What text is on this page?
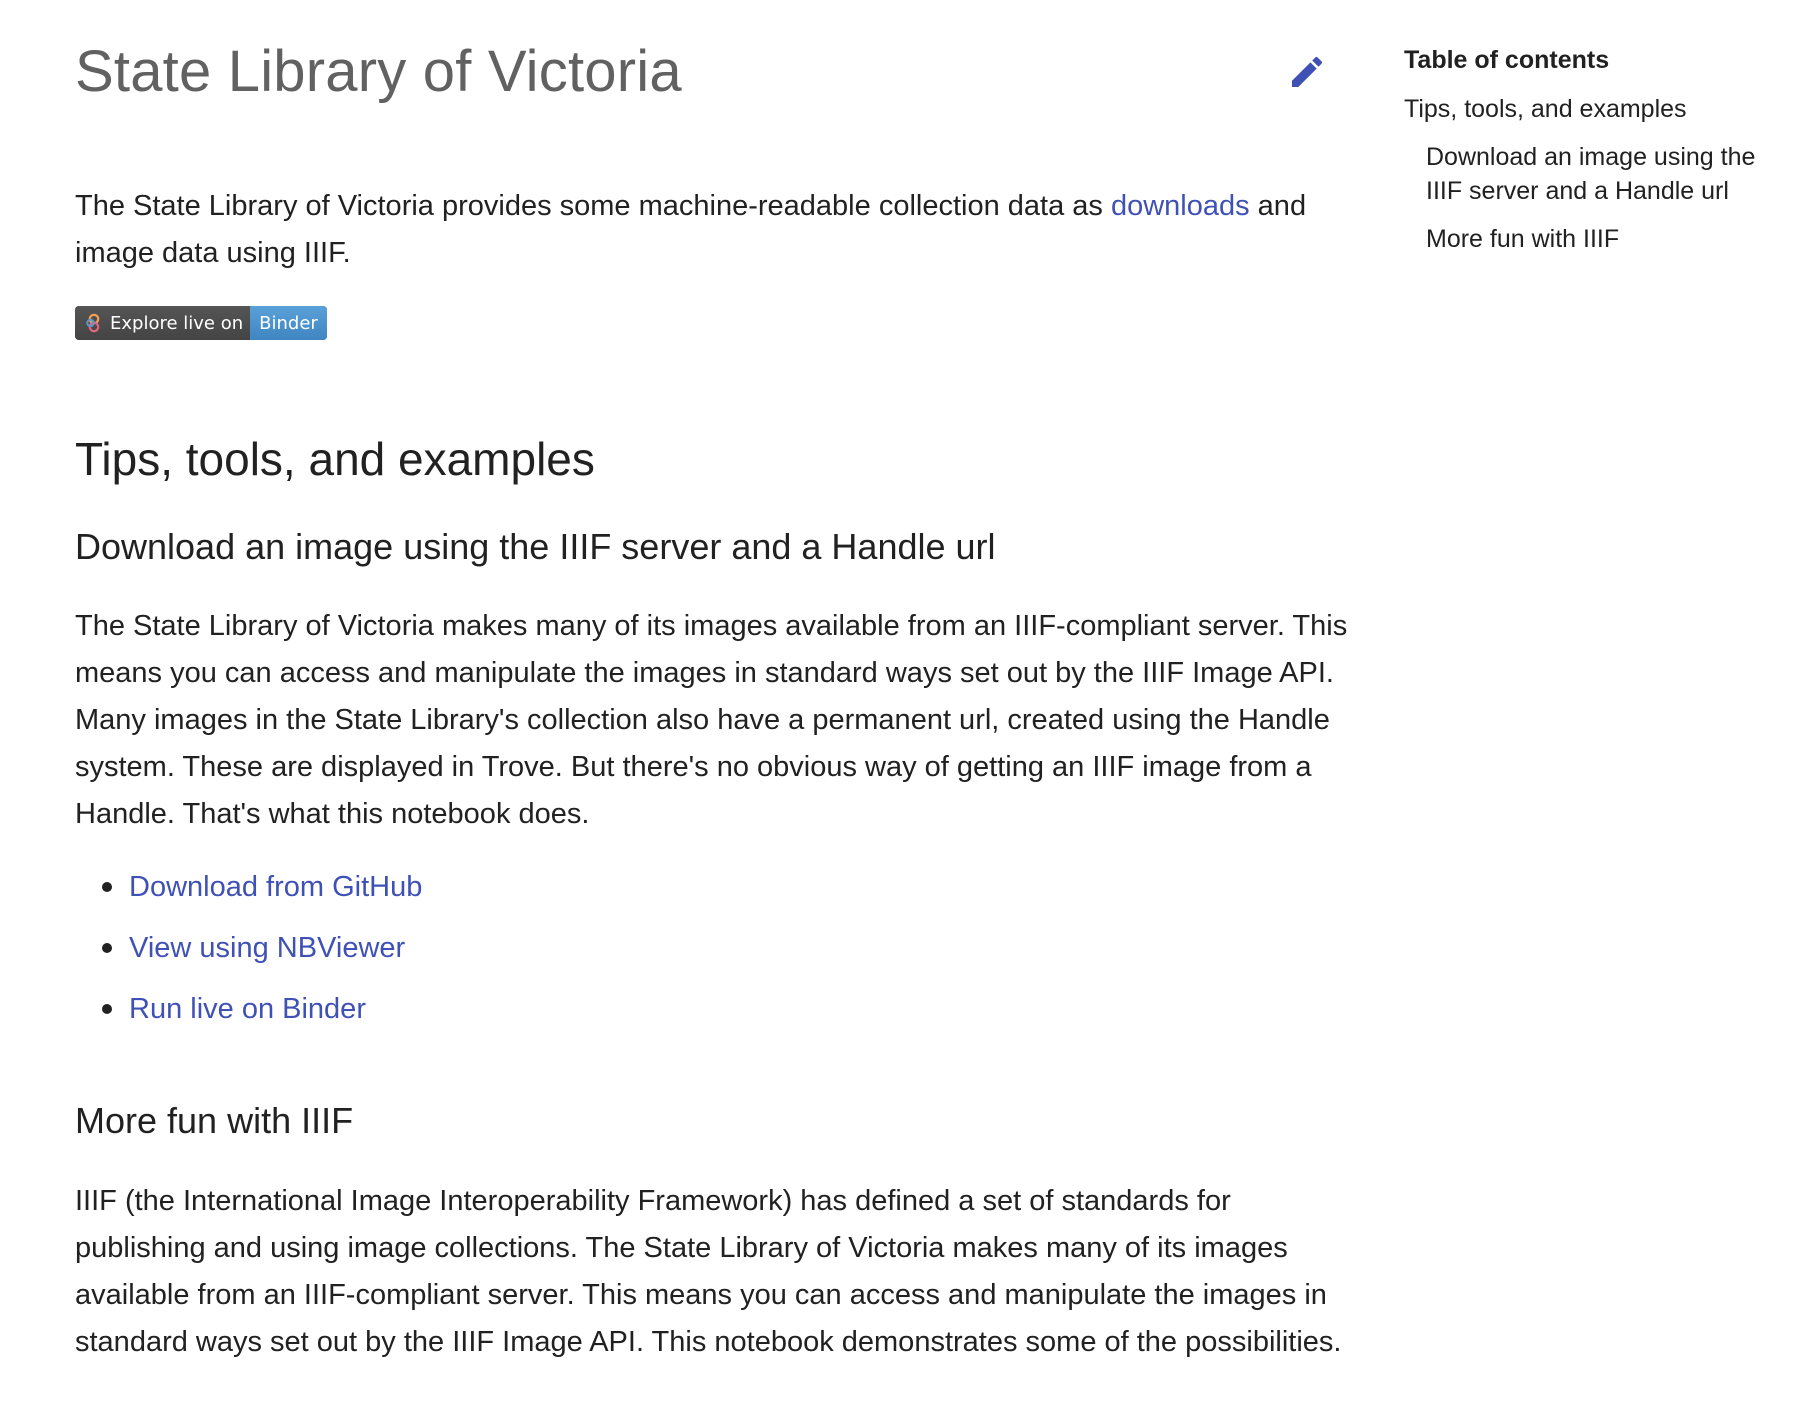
State Library of Victoria

The State Library of Victoria provides some machine-readable collection data as downloads and image data using IIIF.

Explore live on Binder
Tips, tools, and examples
Download an image using the IIIF server and a Handle url

The State Library of Victoria makes many of its images available from an IIIF-compliant server. This means you can access and manipulate the images in standard ways set out by the IIIF Image API. Many images in the State Library's collection also have a permanent url, created using the Handle system. These are displayed in Trove. But there's no obvious way of getting an IIIF image from a Handle. That's what this notebook does.

Download from GitHub
View using NBViewer
Run live on Binder
More fun with IIIF

IIIF (the International Image Interoperability Framework) has defined a set of standards for publishing and using image collections. The State Library of Victoria makes many of its images available from an IIIF-compliant server. This means you can access and manipulate the images in standard ways set out by the IIIF Image API. This notebook demonstrates some of the possibilities.

Table of contents

Tips, tools, and examples
Download an image using the IIIF server and a Handle url
More fun with IIIF
